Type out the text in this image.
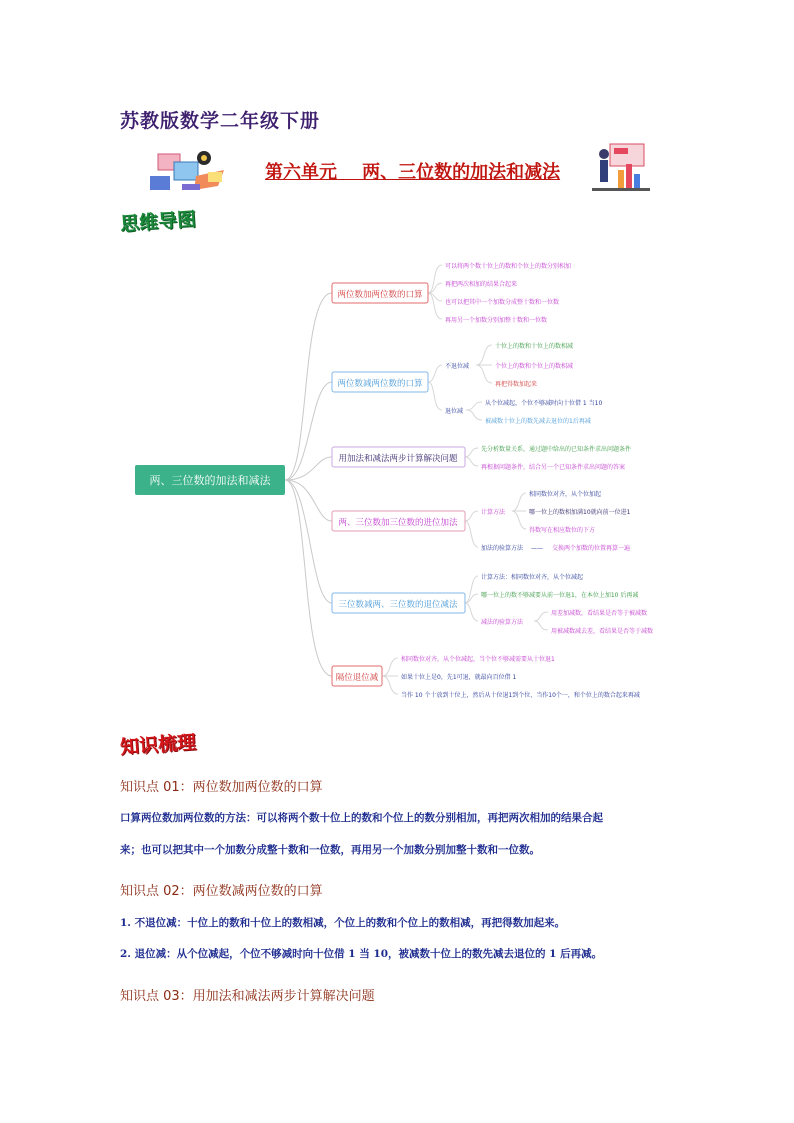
苏教版数学二年级下册
第六单元    两、三位数的加法和减法
思维导图
两、三位数的加法和减法
两位数加两位数的口算
可以将两个数十位上的数和个位上的数分别相加
再把两次相加的结果合起来
也可以把其中一个加数分成整十数和一位数
再用另一个加数分别加整十数和一位数
两位数减两位数的口算
不退位减
退位减
十位上的数和十位上的数相减
个位上的数和个位上的数相减
再把得数加起来
从个位减起，个位不够减时向十位借 1 当10
被减数十位上的数先减去退位的1后再减
用加法和减法两步计算解决问题
先分析数量关系，通过题中给出的已知条件求出问题条件
再根据问题条件，结合另一个已知条件求出问题的答案
两、三位数加三位数的进位加法
计算方法
加法的验算方法 ——
相同数位对齐，从个位加起
哪一位上的数相加满10就向前一位进1
得数写在相应数位的下方
交换两个加数的位置再算一遍
三位数减两、三位数的退位减法
计算方法：相同数位对齐，从个位减起
哪一位上的数不够减要从前一位退1，在本位上加10 后再减
减法的验算方法
用差加减数，看结果是否等于被减数
用被减数减去差，看结果是否等于减数
隔位退位减
相同数位对齐，从个位减起，当个位不够减需要从十位退1
如果十位上是0，先1可退，就最向百位借 1
当作 10 个十放到十位上，然后从十位退1到个位，当作10个一，和个位上的数合起来再减
知识梳理
知识点 01：两位数加两位数的口算
口算两位数加两位数的方法：可以将两个数十位上的数和个位上的数分别相加，再把两次相加的结果合起
来；也可以把其中一个加数分成整十数和一位数，再用另一个加数分别加整十数和一位数。
知识点 02：两位数减两位数的口算
1. 不退位减：十位上的数和十位上的数相减，个位上的数和个位上的数相减，再把得数加起来。
2. 退位减：从个位减起，个位不够减时向十位借 1 当 10，被减数十位上的数先减去退位的 1 后再减。
知识点 03：用加法和减法两步计算解决问题
